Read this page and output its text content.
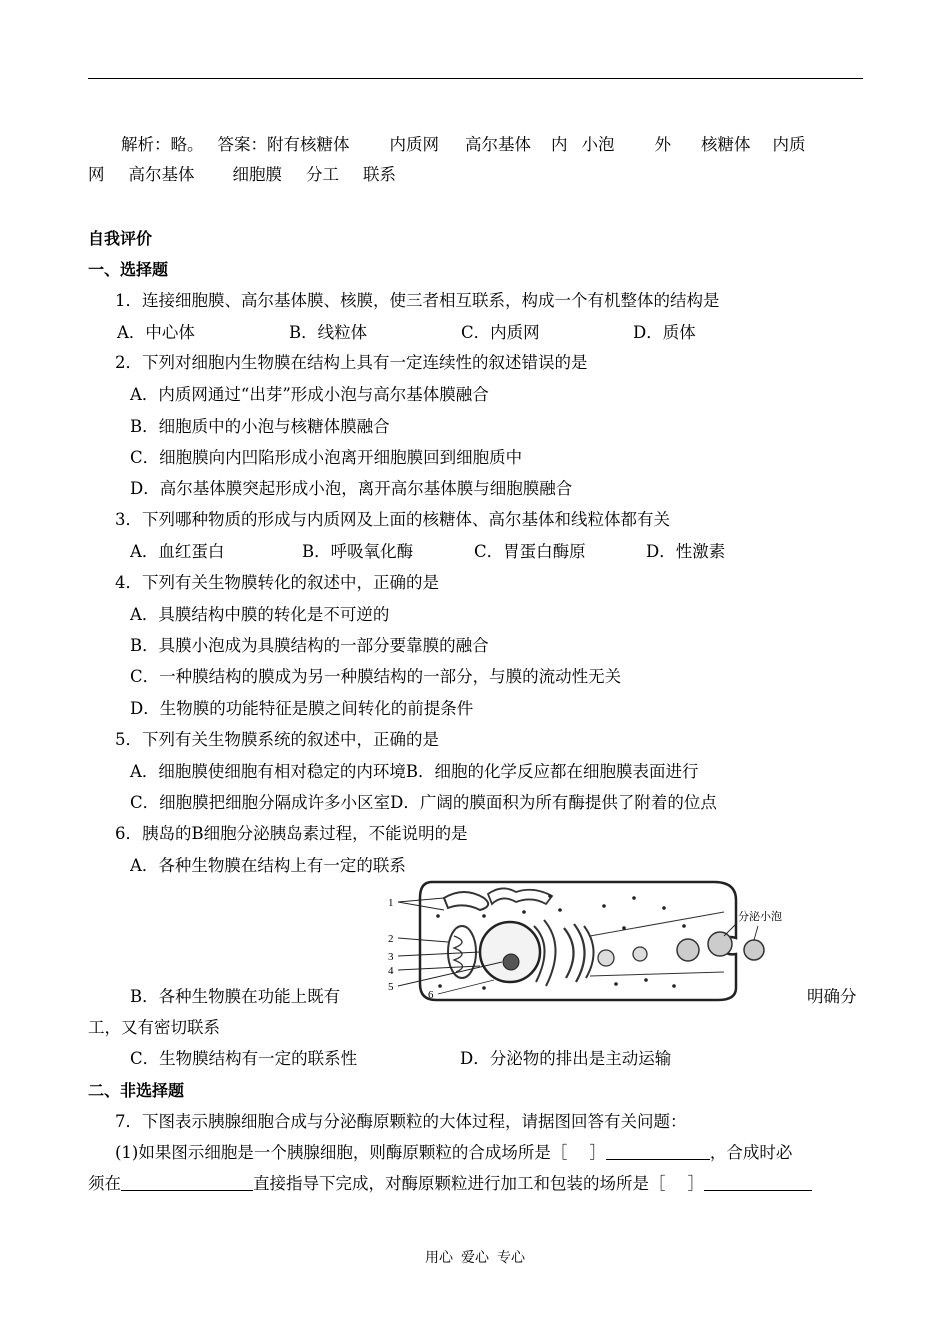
解析：略。 答案：附有核糖体 内质网 高尔基体 内 小泡 外 核糖体 内质
网 高尔基体 细胞膜 分工 联系
自我评价
一、选择题
1．连接细胞膜、高尔基体膜、核膜，使三者相互联系，构成一个有机整体的结构是
A．中心体	B．线粒体	C．内质网	D．质体
2．下列对细胞内生物膜在结构上具有一定连续性的叙述错误的是
A．内质网通过“出芽”形成小泡与高尔基体膜融合
B．细胞质中的小泡与核糖体膜融合
C．细胞膜向内凹陷形成小泡离开细胞膜回到细胞质中
D．高尔基体膜突起形成小泡，离开高尔基体膜与细胞膜融合
3．下列哪种物质的形成与内质网及上面的核糖体、高尔基体和线粒体都有关
A．血红蛋白	B．呼吸氧化酶	C．胃蛋白酶原	D．性激素
4．下列有关生物膜转化的叙述中，正确的是
A．具膜结构中膜的转化是不可逆的
B．具膜小泡成为具膜结构的一部分要靠膜的融合
C．一种膜结构的膜成为另一种膜结构的一部分，与膜的流动性无关
D．生物膜的功能特征是膜之间转化的前提条件
5．下列有关生物膜系统的叙述中，正确的是
A．细胞膜使细胞有相对稳定的内环境B．细胞的化学反应都在细胞膜表面进行
C．细胞膜把细胞分隔成许多小区室D．广阔的膜面积为所有酶提供了附着的位点
6．胰岛的B细胞分泌胰岛素过程，不能说明的是
A．各种生物膜在结构上有一定的联系
1
2
3
4
5
6
分泌小泡
B．各种生物膜在功能上既有	明确分
工，又有密切联系
C．生物膜结构有一定的联系性	D．分泌物的排出是主动运输
二、非选择题
7．下图表示胰腺细胞合成与分泌酶原颗粒的大体过程，请据图回答有关问题：
(1)如果图示细胞是一个胰腺细胞，则酶原颗粒的合成场所是［ ］	，合成时必
须在	直接指导下完成，对酶原颗粒进行加工和包装的场所是［ ］
用心 爱心 专心
